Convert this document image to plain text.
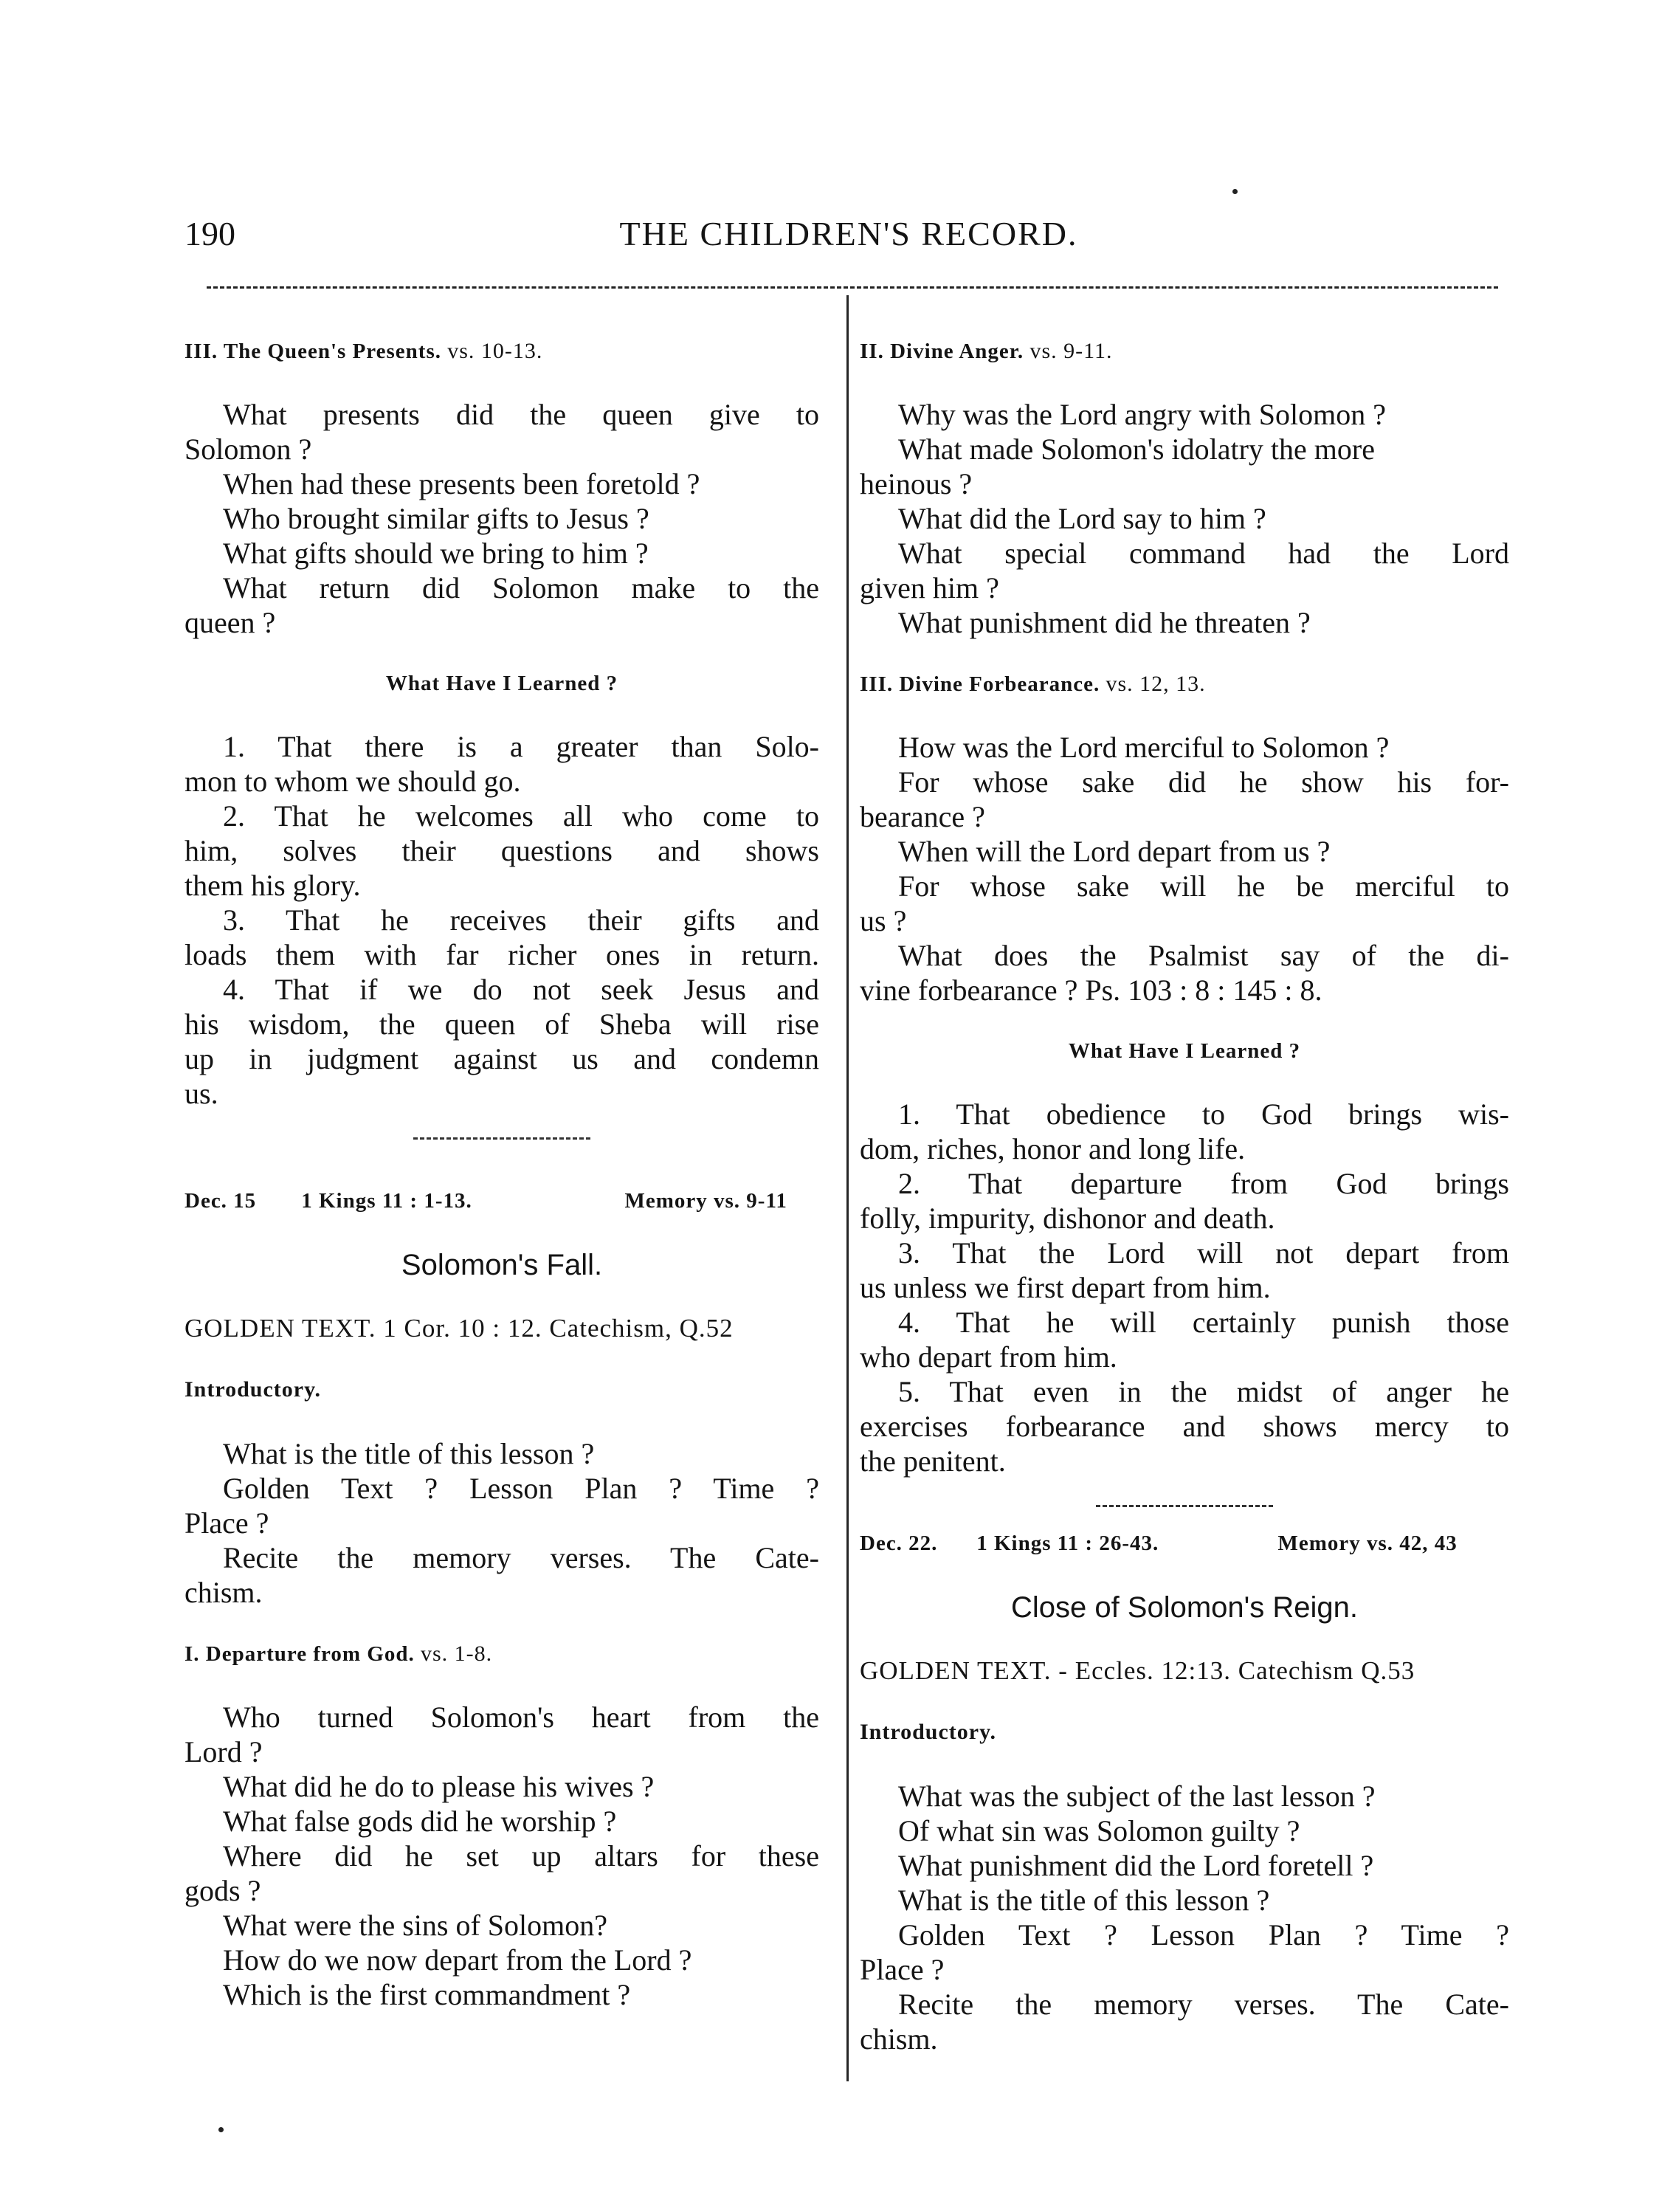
190	THE CHILDREN'S RECORD.
III. The Queen's Presents. vs. 10-13.
What presents did the queen give to
Solomon ?
When had these presents been foretold ?
Who brought similar gifts to Jesus ?
What gifts should we bring to him ?
What return did Solomon make to the
queen ?
What Have I Learned ?
1. That there is a greater than Solo-
mon to whom we should go.
2. That he welcomes all who come to
him, solves their questions and shows
them his glory.
3. That he receives their gifts and
loads them with far richer ones in return.
4. That if we do not seek Jesus and
his wisdom, the queen of Sheba will rise
up in judgment against us and condemn
us.
Dec. 15 1 Kings 11 : 1-13.	Memory vs. 9-11
Solomon's Fall.
GOLDEN TEXT. 1 Cor. 10 : 12. Catechism, Q.52
Introductory.
What is the title of this lesson ?
Golden Text ? Lesson Plan ? Time ?
Place ?
Recite the memory verses. The Cate-
chism.
I. Departure from God. vs. 1-8.
Who turned Solomon's heart from the
Lord ?
What did he do to please his wives ?
What false gods did he worship ?
Where did he set up altars for these
gods ?
What were the sins of Solomon?
How do we now depart from the Lord ?
Which is the first commandment ?
II. Divine Anger. vs. 9-11.
Why was the Lord angry with Solomon ?
What made Solomon's idolatry the more
heinous ?
What did the Lord say to him ?
What special command had the Lord
given him ?
What punishment did he threaten ?
III. Divine Forbearance. vs. 12, 13.
How was the Lord merciful to Solomon ?
For whose sake did he show his for-
bearance ?
When will the Lord depart from us ?
For whose sake will he be merciful to
us ?
What does the Psalmist say of the di-
vine forbearance ? Ps. 103 : 8 : 145 : 8.
What Have I Learned ?
1. That obedience to God brings wis-
dom, riches, honor and long life.
2. That departure from God brings
folly, impurity, dishonor and death.
3. That the Lord will not depart from
us unless we first depart from him.
4. That he will certainly punish those
who depart from him.
5. That even in the midst of anger he
exercises forbearance and shows mercy to
the penitent.
Dec. 22. 1 Kings 11 : 26-43.	Memory vs. 42, 43
Close of Solomon's Reign.
GOLDEN TEXT. - Eccles. 12:13. Catechism Q.53
Introductory.
What was the subject of the last lesson ?
Of what sin was Solomon guilty ?
What punishment did the Lord foretell ?
What is the title of this lesson ?
Golden Text ? Lesson Plan ? Time ?
Place ?
Recite the memory verses. The Cate-
chism.
